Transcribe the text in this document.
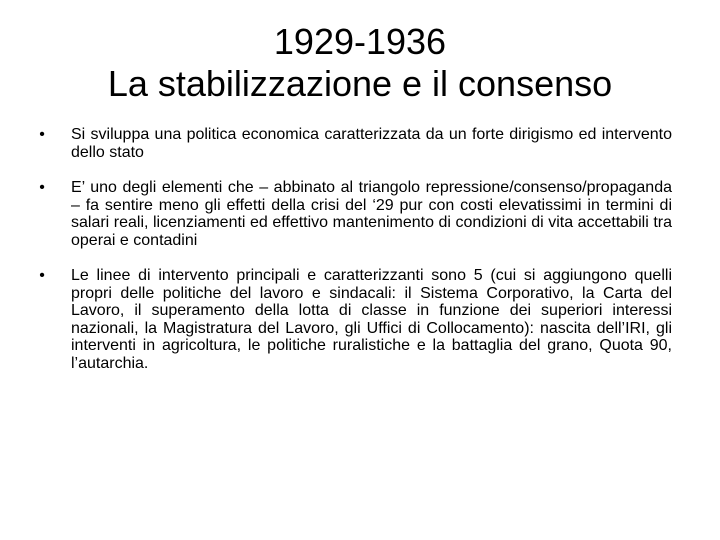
1929-1936
La stabilizzazione e il consenso
• Si sviluppa una politica economica caratterizzata da un forte dirigismo ed intervento dello stato
• E’ uno degli elementi che – abbinato al triangolo repressione/consenso/propaganda – fa sentire meno gli effetti della crisi del ‘29 pur con costi elevatissimi in termini di salari reali, licenziamenti ed effettivo mantenimento di condizioni di vita accettabili tra operai e contadini
• Le linee di intervento principali e caratterizzanti sono 5 (cui si aggiungono quelli propri delle politiche del lavoro e sindacali: il Sistema Corporativo, la Carta del Lavoro, il superamento della lotta di classe in funzione dei superiori interessi nazionali, la Magistratura del Lavoro, gli Uffici di Collocamento): nascita dell’IRI, gli interventi in agricoltura, le politiche ruralistiche e la battaglia del grano, Quota 90, l’autarchia.
